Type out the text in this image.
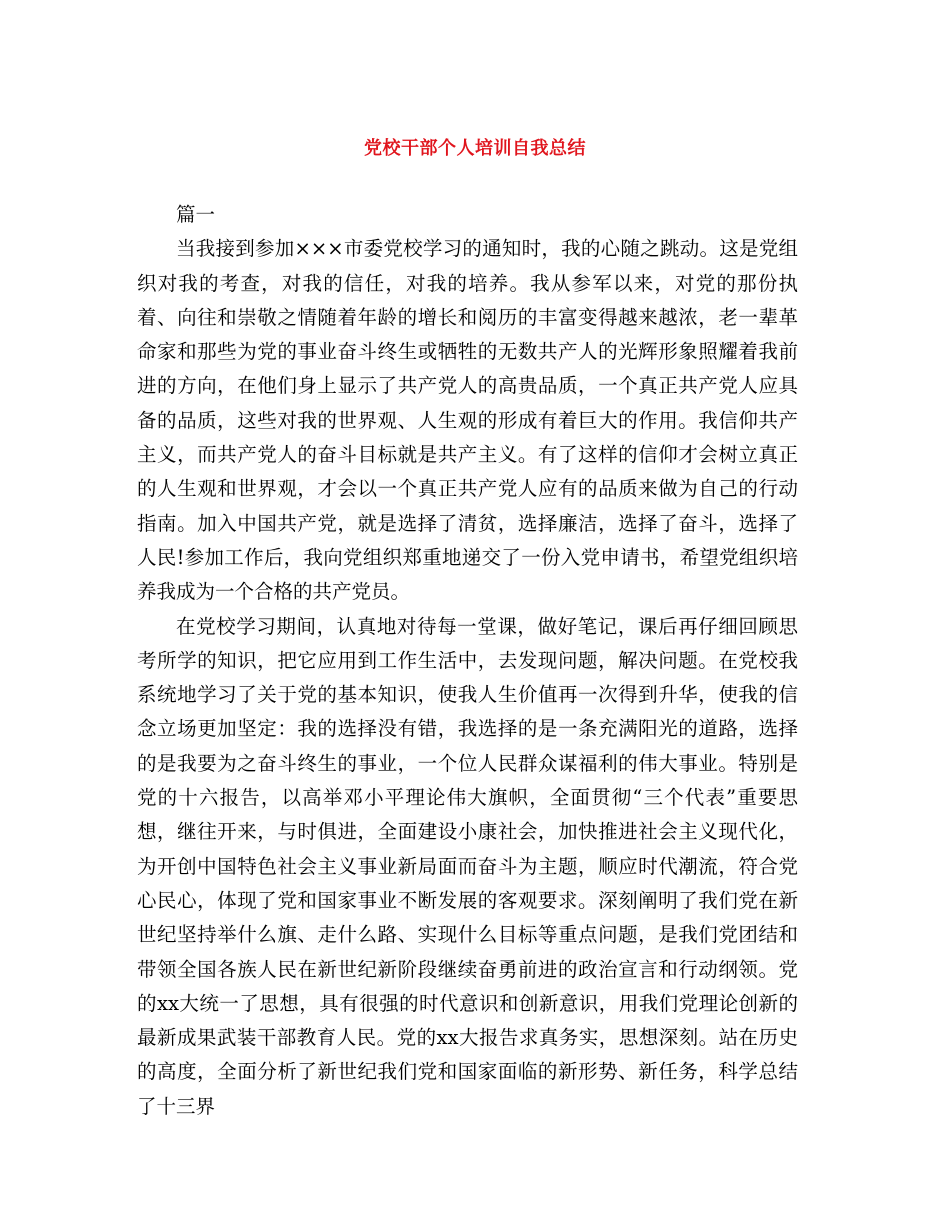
党校干部个人培训自我总结

篇一

当我接到参加×××市委党校学习的通知时，我的心随之跳动。这是党组织对我的考查，对我的信任，对我的培养。我从参军以来，对党的那份执着、向往和崇敬之情随着年龄的增长和阅历的丰富变得越来越浓，老一辈革命家和那些为党的事业奋斗终生或牺牲的无数共产人的光辉形象照耀着我前进的方向，在他们身上显示了共产党人的高贵品质，一个真正共产党人应具备的品质，这些对我的世界观、人生观的形成有着巨大的作用。我信仰共产主义，而共产党人的奋斗目标就是共产主义。有了这样的信仰才会树立真正的人生观和世界观，才会以一个真正共产党人应有的品质来做为自己的行动指南。加入中国共产党，就是选择了清贫，选择廉洁，选择了奋斗，选择了人民!参加工作后，我向党组织郑重地递交了一份入党申请书，希望党组织培养我成为一个合格的共产党员。

在党校学习期间，认真地对待每一堂课，做好笔记，课后再仔细回顾思考所学的知识，把它应用到工作生活中，去发现问题，解决问题。在党校我系统地学习了关于党的基本知识，使我人生价值再一次得到升华，使我的信念立场更加坚定：我的选择没有错，我选择的是一条充满阳光的道路，选择的是我要为之奋斗终生的事业，一个位人民群众谋福利的伟大事业。特别是党的十六报告，以高举邓小平理论伟大旗帜，全面贯彻“三个代表”重要思想，继往开来，与时俱进，全面建设小康社会，加快推进社会主义现代化，为开创中国特色社会主义事业新局面而奋斗为主题，顺应时代潮流，符合党心民心，体现了党和国家事业不断发展的客观要求。深刻阐明了我们党在新世纪坚持举什么旗、走什么路、实现什么目标等重点问题，是我们党团结和带领全国各族人民在新世纪新阶段继续奋勇前进的政治宣言和行动纲领。党的xx大统一了思想，具有很强的时代意识和创新意识，用我们党理论创新的最新成果武装干部教育人民。党的xx大报告求真务实，思想深刻。站在历史的高度，全面分析了新世纪我们党和国家面临的新形势、新任务，科学总结了十三界
